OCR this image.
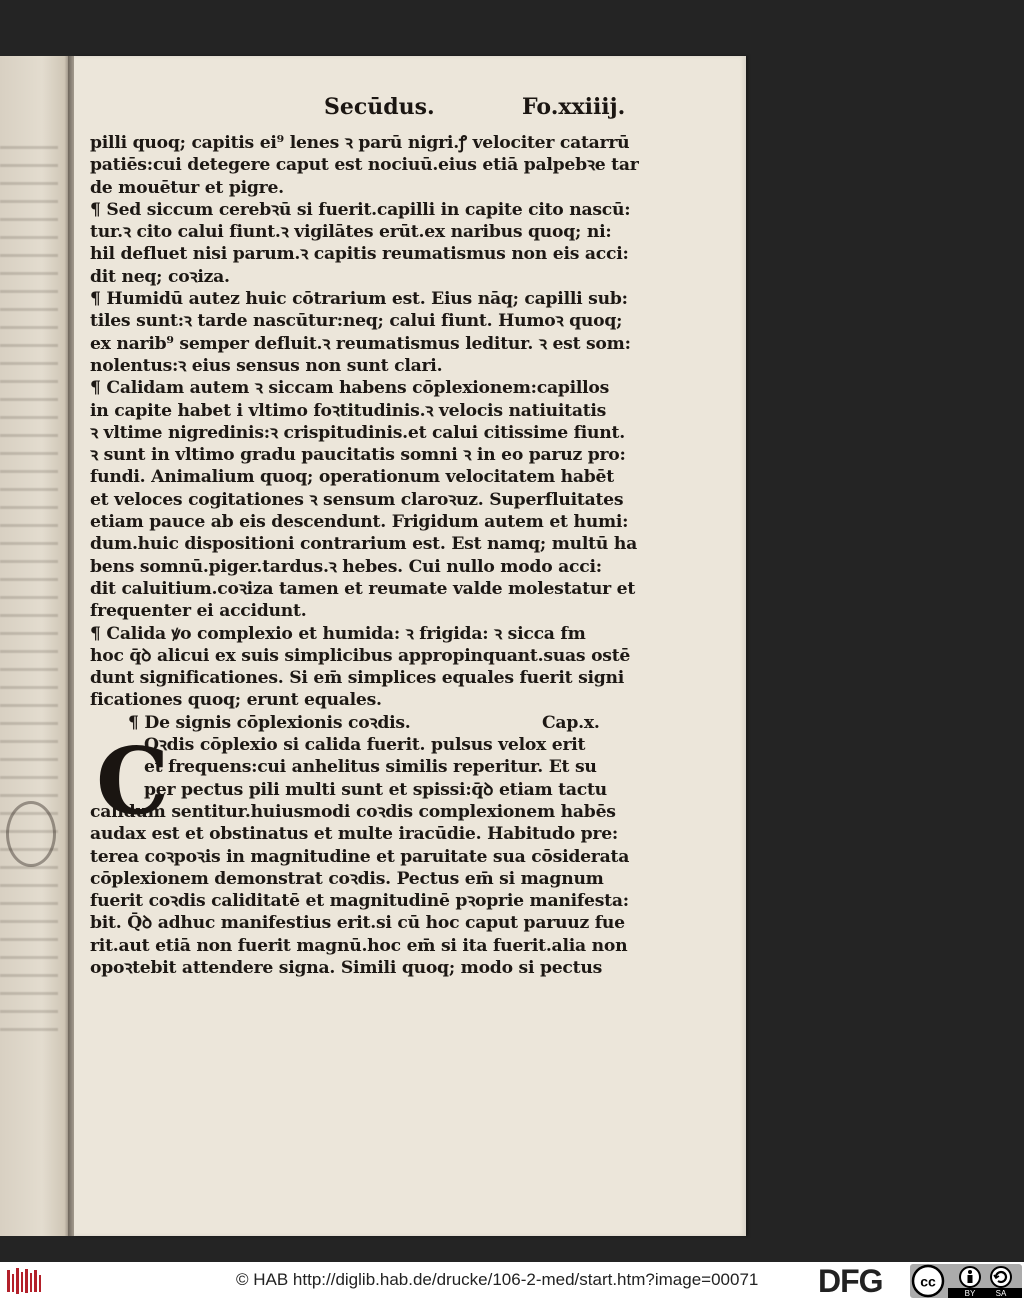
Secūdus.	Fo.xxiiij.
pilli quoq; capitis ei⁹ lenes ꝛ parū nigri.ꝭ velociter catarrū
patiēs:cui detegere caput est nociuū.eius etiā palpebꝛe tar
de mouētur et pigre.
¶ Sed siccum cerebꝛū si fuerit.capilli in capite cito nascū:
tur.ꝛ cito calui fiunt.ꝛ vigilātes erūt.ex naribus quoq; ni:
hil defluet nisi parum.ꝛ capitis reumatismus non eis acci:
dit neq; coꝛiza.
¶ Humidū autez huic cōtrarium est. Eius nāq; capilli sub:
tiles sunt:ꝛ tarde nascūtur:neq; calui fiunt. Humoꝛ quoq;
ex narib⁹ semper defluit.ꝛ reumatismus leditur. ꝛ est som:
nolentus:ꝛ eius sensus non sunt clari.
¶ Calidam autem ꝛ siccam habens cōplexionem:capillos
in capite habet i vltimo foꝛtitudinis.ꝛ velocis natiuitatis
ꝛ vltime nigredinis:ꝛ crispitudinis.et calui citissime fiunt.
ꝛ sunt in vltimo gradu paucitatis somni ꝛ in eo paruz pro:
fundi. Animalium quoq; operationum velocitatem habēt
et veloces cogitationes ꝛ sensum claroꝛuz. Superfluitates
etiam pauce ab eis descendunt. Frigidum autem et humi:
dum.huic dispositioni contrarium est. Est namq; multū ha
bens somnū.piger.tardus.ꝛ hebes. Cui nullo modo acci:
dit caluitium.coꝛiza tamen et reumate valde molestatur et
frequenter ei accidunt.
¶ Calida ꝟo complexio et humida: ꝛ frigida: ꝛ sicca fm
hoc q̄ꝺ alicui ex suis simplicibus appropinquant.suas ostē
dunt significationes. Si em̄ simplices equales fuerit signi
ficationes quoq; erunt equales.
¶ De signis cōplexionis coꝛdis.	Cap.x.
C
Oꝛdis cōplexio si calida fuerit. pulsus velox erit
et frequens:cui anhelitus similis reperitur. Et su
per pectus pili multi sunt et spissi:q̄ꝺ etiam tactu
calidum sentitur.huiusmodi coꝛdis complexionem habēs
audax est et obstinatus et multe iracūdie. Habitudo pre:
terea coꝛpoꝛis in magnitudine et paruitate sua cōsiderata
cōplexionem demonstrat coꝛdis. Pectus em̄ si magnum
fuerit coꝛdis caliditatē et magnitudinē pꝛoprie manifesta:
bit. Q̄ꝺ adhuc manifestius erit.si cū hoc caput paruuz fue
rit.aut etiā non fuerit magnū.hoc em̄ si ita fuerit.alia non
opoꝛtebit attendere signa. Simili quoq; modo si pectus
© HAB http://diglib.hab.de/drucke/106-2-med/start.htm?image=00071 DFG	cc
BY	SA
